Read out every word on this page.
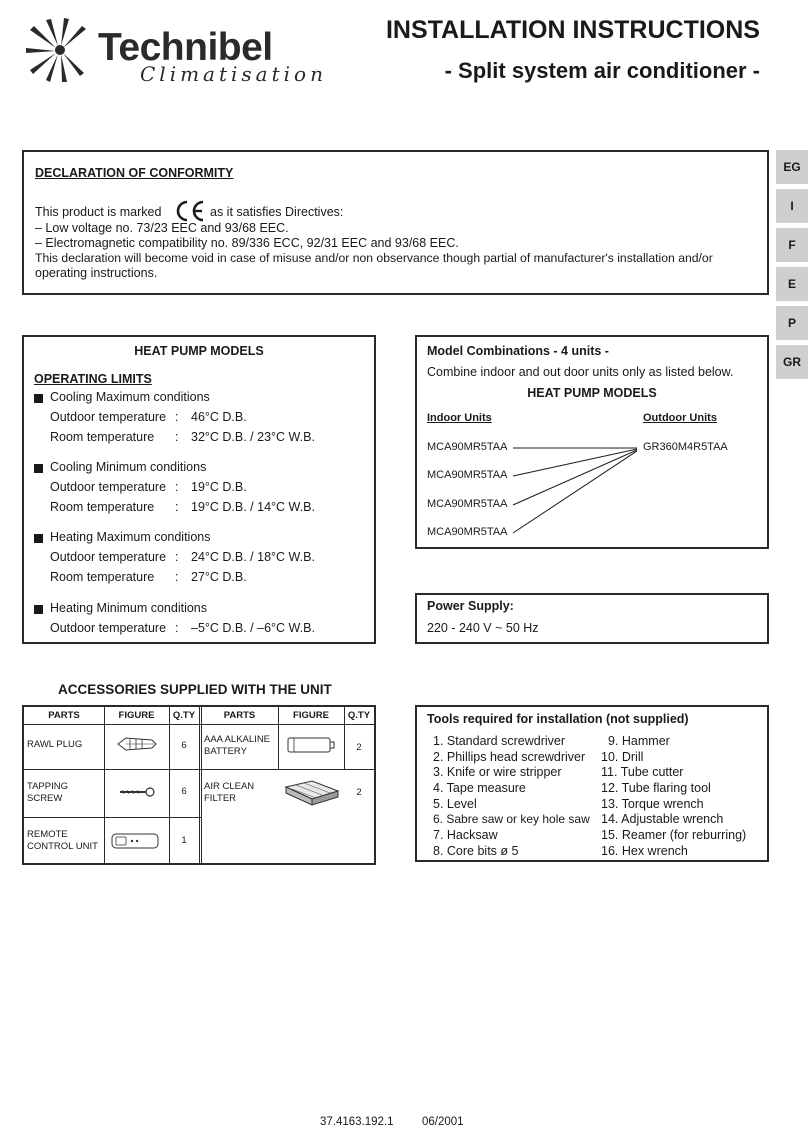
Technibel
Climatisation
INSTALLATION INSTRUCTIONS
- Split system air conditioner -
EG
I
F
E
P
GR
DECLARATION OF CONFORMITY
This product is marked	as it satisfies Directives:
– Low voltage no. 73/23 EEC and 93/68 EEC.
– Electromagnetic compatibility no. 89/336 ECC, 92/31 EEC and 93/68 EEC.
This declaration will become void in case of misuse and/or non observance though partial of manufacturer's installation and/or
operating instructions.
HEAT PUMP MODELS
OPERATING LIMITS
Cooling Maximum conditions
Outdoor temperature : 46°C D.B.
Room temperature : 32°C D.B. / 23°C W.B.
Cooling Minimum conditions
Outdoor temperature : 19°C D.B.
Room temperature : 19°C D.B. / 14°C W.B.
Heating Maximum conditions
Outdoor temperature : 24°C D.B. / 18°C W.B.
Room temperature : 27°C D.B.
Heating Minimum conditions
Outdoor temperature : –5°C D.B. / –6°C W.B.
Model Combinations - 4 units -
Combine indoor and out door units only as listed below.
HEAT PUMP MODELS
Indoor Units	Outdoor Units
MCA90MR5TAA
MCA90MR5TAA
MCA90MR5TAA
MCA90MR5TAA
GR360M4R5TAA
Power Supply:
220 - 240 V ~ 50 Hz
ACCESSORIES SUPPLIED WITH THE UNIT
PARTS	FIGURE	Q.TY	PARTS	FIGURE	Q.TY
RAWL PLUG	6
TAPPING
SCREW
6
REMOTE
CONTROL UNIT
1
AAA ALKALINE
BATTERY	2
AIR CLEAN
FILTER
2
Tools required for installation (not supplied)
1. Standard screwdriver
2. Phillips head screwdriver
3. Knife or wire stripper
4. Tape measure
5. Level
6. Sabre saw or key hole saw
7. Hacksaw
8. Core bits ø 5
9. Hammer
10. Drill
11. Tube cutter
12. Tube flaring tool
13. Torque wrench
14. Adjustable wrench
15. Reamer (for reburring)
16. Hex wrench
37.4163.192.1 06/2001
